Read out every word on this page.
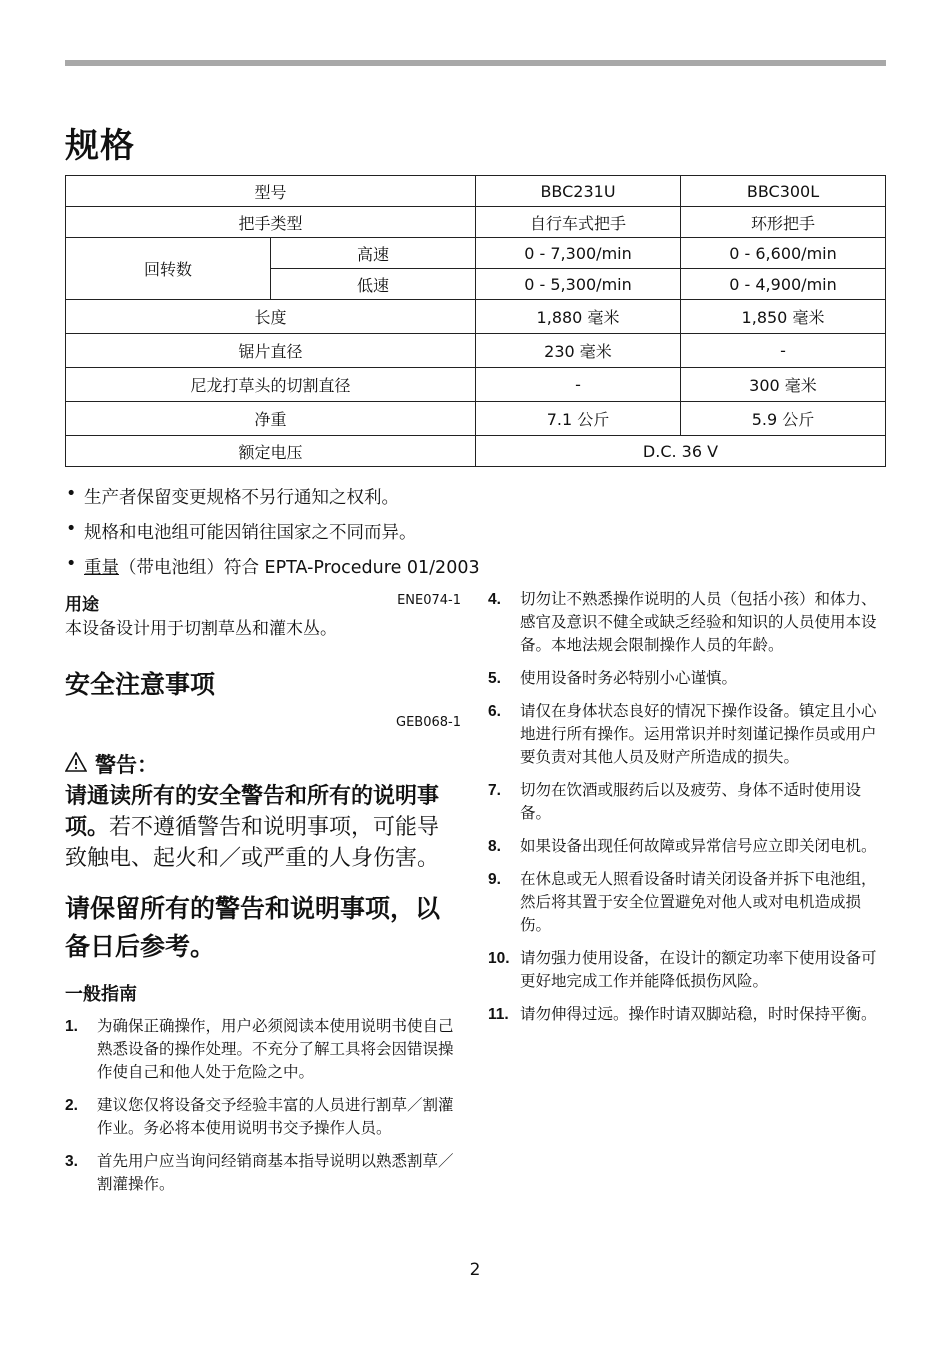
规格
型号		BBC231U	BBC300L
把手类型		自行车式把手	环形把手
回转数	高速	0 - 7,300/min	0 - 6,600/min
	低速	0 - 5,300/min	0 - 4,900/min
长度		1,880 毫米	1,850 毫米
锯片直径		230 毫米	-
尼龙打草头的切割直径		-	300 毫米
净重		7.1 公斤	5.9 公斤
额定电压		D.C. 36 V	
• 生产者保留变更规格不另行通知之权利。
• 规格和电池组可能因销往国家之不同而异。
• 重量（带电池组）符合 EPTA-Procedure 01/2003
用途	ENE074-1
本设备设计用于切割草丛和灌木丛。
安全注意事项
GEB068-1
警告：
请通读所有的安全警告和所有的说明事项。若不遵循警告和说明事项，可能导致触电、起火和／或严重的人身伤害。
请保留所有的警告和说明事项，以备日后参考。
一般指南
1.	为确保正确操作，用户必须阅读本使用说明书使自己熟悉设备的操作处理。不充分了解工具将会因错误操作使自己和他人处于危险之中。
2.	建议您仅将设备交予经验丰富的人员进行割草／割灌作业。务必将本使用说明书交予操作人员。
3.	首先用户应当询问经销商基本指导说明以熟悉割草／割灌操作。
4.	切勿让不熟悉操作说明的人员（包括小孩）和体力、感官及意识不健全或缺乏经验和知识的人员使用本设备。本地法规会限制操作人员的年龄。
5.	使用设备时务必特别小心谨慎。
6.	请仅在身体状态良好的情况下操作设备。镇定且小心地进行所有操作。运用常识并时刻谨记操作员或用户要负责对其他人员及财产所造成的损失。
7.	切勿在饮酒或服药后以及疲劳、身体不适时使用设备。
8.	如果设备出现任何故障或异常信号应立即关闭电机。
9.	在休息或无人照看设备时请关闭设备并拆下电池组，然后将其置于安全位置避免对他人或对电机造成损伤。
10. 请勿强力使用设备，在设计的额定功率下使用设备可更好地完成工作并能降低损伤风险。
11. 请勿伸得过远。操作时请双脚站稳，时时保持平衡。
2
